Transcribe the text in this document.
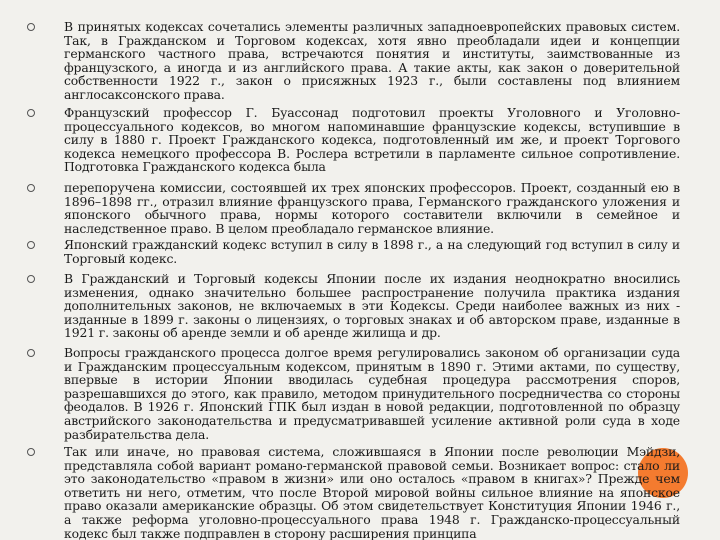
В принятых кодексах сочетались элементы различных западноевропейских правовых систем. Так, в Гражданском и Торговом кодексах, хотя явно преобладали идеи и концепции германского частного права, встречаются понятия и институты, заимствованные из французского, а иногда и из английского права. А такие акты, как закон о доверительной собственности 1922 г., закон о присяжных 1923 г., были составлены под влиянием англосаксонского права.
Французский профессор Г. Буассонад подготовил проекты Уголовного и Уголовно-процессуального кодексов, во многом напоминавшие французские кодексы, вступившие в силу в 1880 г. Проект Гражданского кодекса, подготовленный им же, и проект Торгового кодекса немецкого профессора В. Рослера встретили в парламенте сильное сопротивление. Подготовка Гражданского кодекса была
перепоручена комиссии, состоявшей их трех японских профессоров. Проект, созданный ею в 1896–1898 гг., отразил влияние французского права, Германского гражданского уложения и японского обычного права, нормы которого составители включили в семейное и наследственное право. В целом преобладало германское влияние.
Японский гражданский кодекс вступил в силу в 1898 г., а на следующий год вступил в силу и Торговый кодекс.
В Гражданский и Торговый кодексы Японии после их издания неоднократно вносились изменения, однако значительно большее распространение получила практика издания дополнительных законов, не включаемых в эти Кодексы. Среди наиболее важных из них - изданные в 1899 г. законы о лицензиях, о торговых знаках и об авторском праве, изданные в 1921 г. законы об аренде земли и об аренде жилища и др.
Вопросы гражданского процесса долгое время регулировались законом об организации суда и Гражданским процессуальным кодексом, принятым в 1890 г. Этими актами, по существу, впервые в истории Японии вводилась судебная процедура рассмотрения споров, разрешавшихся до этого, как правило, методом принудительного посредничества со стороны феодалов. В 1926 г. Японский ГПК был издан в новой редакции, подготовленной по образцу австрийского законодательства и предусматривавшей усиление активной роли суда в ходе разбирательства дела.
Так или иначе, но правовая система, сложившаяся в Японии после революции Мэйдзи, представляла собой вариант романо-германской правовой семьи. Возникает вопрос: стало ли это законодательство «правом в жизни» или оно осталось «правом в книгах»? Прежде чем ответить ни него, отметим, что после Второй мировой войны сильное влияние на японское право оказали американские образцы. Об этом свидетельствует Конституция Японии 1946 г., а также реформа уголовно-процессуального права 1948 г. Гражданско-процессуальный кодекс был также подправлен в сторону расширения принципа
